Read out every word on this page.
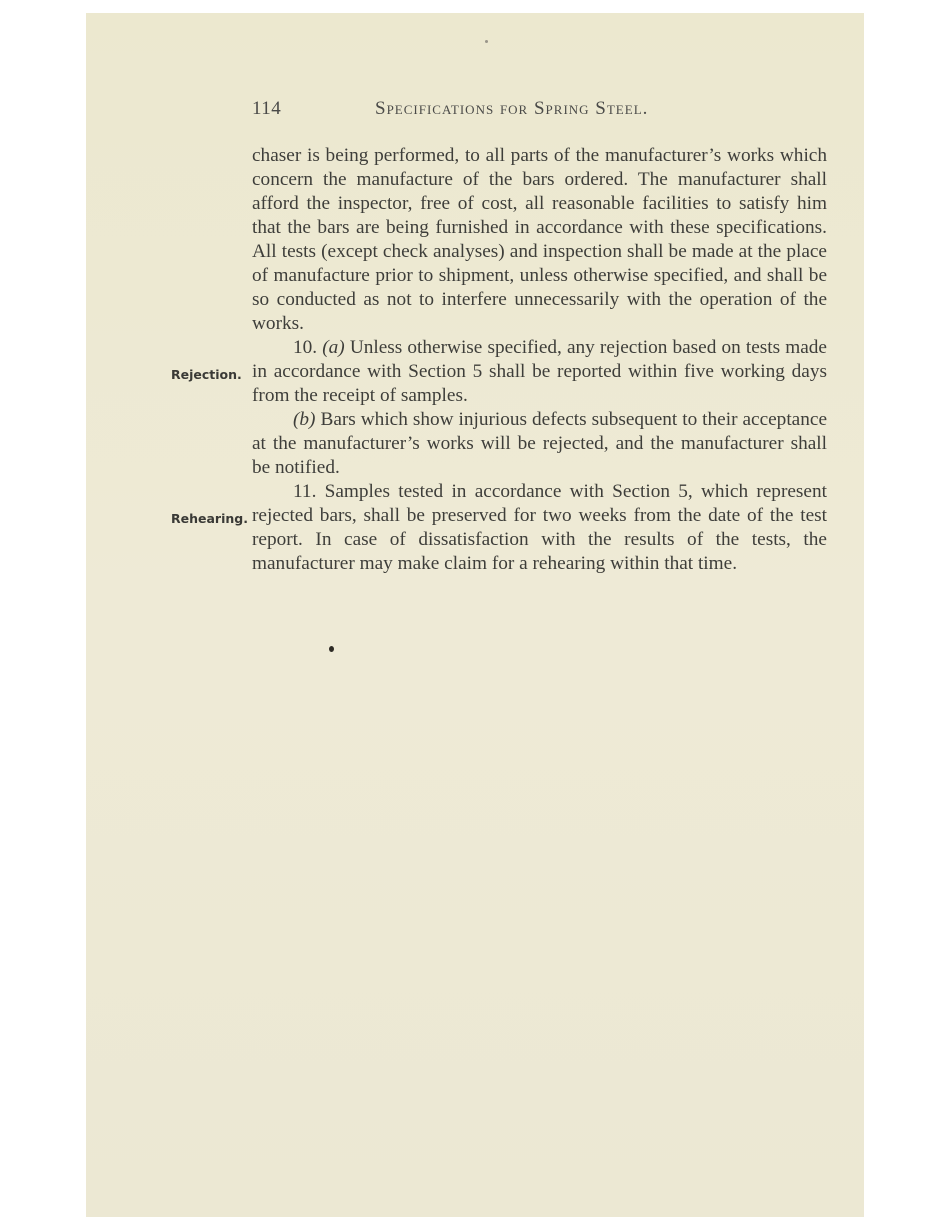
114	Specifications for Spring Steel.
Rejection.
Rehearing.

chaser is being performed, to all parts of the manufacturer’s works which concern the manufacture of the bars ordered. The manufacturer shall afford the inspector, free of cost, all reasonable facilities to satisfy him that the bars are being furnished in accordance with these specifications. All tests (except check analyses) and inspection shall be made at the place of manufacture prior to shipment, unless otherwise specified, and shall be so conducted as not to interfere unnecessarily with the operation of the works.

10. (a) Unless otherwise specified, any rejection based on tests made in accordance with Section 5 shall be reported within five working days from the receipt of samples.

(b) Bars which show injurious defects subsequent to their acceptance at the manufacturer’s works will be rejected, and the manufacturer shall be notified.

11. Samples tested in accordance with Section 5, which represent rejected bars, shall be preserved for two weeks from the date of the test report. In case of dissatisfaction with the results of the tests, the manufacturer may make claim for a rehearing within that time.
